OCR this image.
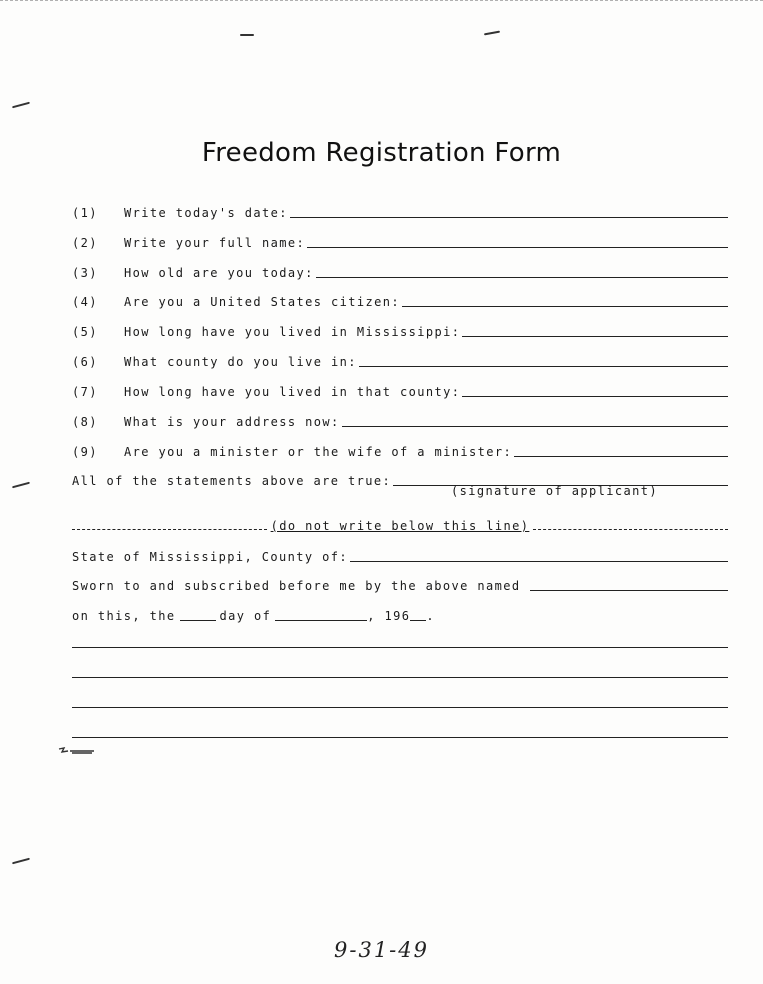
Freedom Registration Form
(1)	Write today's date:
(2)	Write your full name:
(3)	How old are you today:
(4)	Are you a United States citizen:
(5)	How long have you lived in Mississippi:
(6)	What county do you live in:
(7)	How long have you lived in that county:
(8)	What is your address now:
(9)	Are you a minister or the wife of a minister:
All of the statements above are true:
(signature of applicant)
(do not write below this line)
State of Mississippi, County of:
Sworn to and subscribed before me by the above named
on this, the	day of	, 196 .
9-31-49
